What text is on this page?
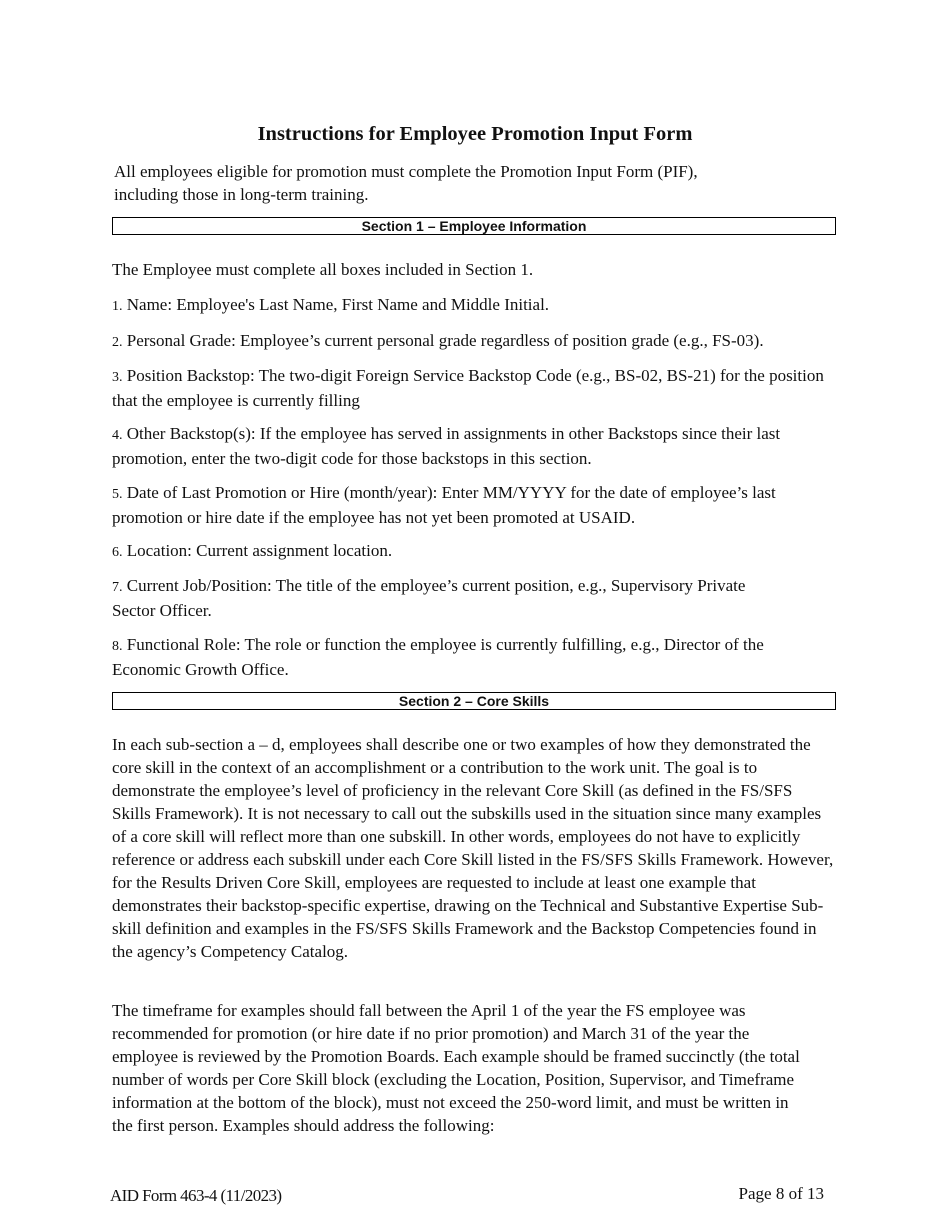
Instructions for Employee Promotion Input Form
All employees eligible for promotion must complete the Promotion Input Form (PIF), including those in long-term training.
Section 1 – Employee Information

The Employee must complete all boxes included in Section 1.

1. Name: Employee's Last Name, First Name and Middle Initial.

2. Personal Grade: Employee’s current personal grade regardless of position grade (e.g., FS-03).

3. Position Backstop: The two-digit Foreign Service Backstop Code (e.g., BS-02, BS-21) for the position that the employee is currently filling

4. Other Backstop(s): If the employee has served in assignments in other Backstops since their last promotion, enter the two-digit code for those backstops in this section.

5. Date of Last Promotion or Hire (month/year): Enter MM/YYYY for the date of employee’s last promotion or hire date if the employee has not yet been promoted at USAID.

6. Location: Current assignment location.

7. Current Job/Position: The title of the employee’s current position, e.g., Supervisory Private Sector Officer.

8. Functional Role: The role or function the employee is currently fulfilling, e.g., Director of the Economic Growth Office.

Section 2 – Core Skills

In each sub-section a – d, employees shall describe one or two examples of how they demonstrated the core skill in the context of an accomplishment or a contribution to the work unit. The goal is to demonstrate the employee’s level of proficiency in the relevant Core Skill (as defined in the FS/SFS Skills Framework). It is not necessary to call out the subskills used in the situation since many examples of a core skill will reflect more than one subskill. In other words, employees do not have to explicitly reference or address each subskill under each Core Skill listed in the FS/SFS Skills Framework. However, for the Results Driven Core Skill, employees are requested to include at least one example that demonstrates their backstop-specific expertise, drawing on the Technical and Substantive Expertise Sub-skill definition and examples in the FS/SFS Skills Framework and the Backstop Competencies found in the agency’s Competency Catalog.

The timeframe for examples should fall between the April 1 of the year the FS employee was recommended for promotion (or hire date if no prior promotion) and March 31 of the year the employee is reviewed by the Promotion Boards. Each example should be framed succinctly (the total number of words per Core Skill block (excluding the Location, Position, Supervisor, and Timeframe information at the bottom of the block), must not exceed the 250-word limit, and must be written in the first person. Examples should address the following:

AID Form 463-4 (11/2023)	Page 8 of 13
